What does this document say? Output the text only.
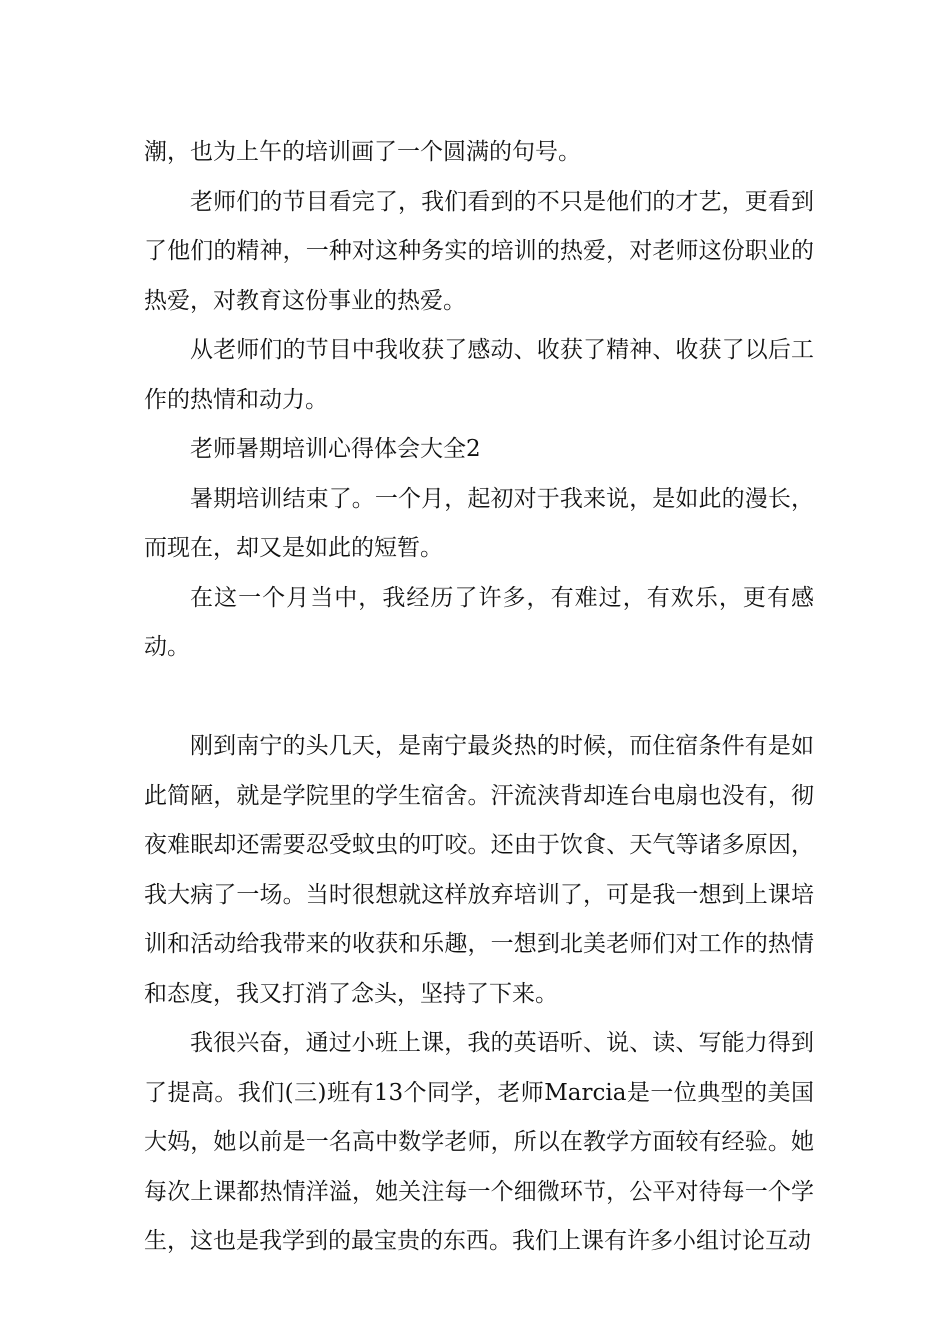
潮，也为上午的培训画了一个圆满的句号。

老师们的节目看完了，我们看到的不只是他们的才艺，更看到了他们的精神，一种对这种务实的培训的热爱，对老师这份职业的热爱，对教育这份事业的热爱。

从老师们的节目中我收获了感动、收获了精神、收获了以后工作的热情和动力。

老师暑期培训心得体会大全2

暑期培训结束了。一个月，起初对于我来说，是如此的漫长，而现在，却又是如此的短暂。

在这一个月当中，我经历了许多，有难过，有欢乐，更有感动。

刚到南宁的头几天，是南宁最炎热的时候，而住宿条件有是如此简陋，就是学院里的学生宿舍。汗流浃背却连台电扇也没有，彻夜难眠却还需要忍受蚊虫的叮咬。还由于饮食、天气等诸多原因，我大病了一场。当时很想就这样放弃培训了，可是我一想到上课培训和活动给我带来的收获和乐趣，一想到北美老师们对工作的热情和态度，我又打消了念头，坚持了下来。

我很兴奋，通过小班上课，我的英语听、说、读、写能力得到了提高。我们(三)班有13个同学，老师Marcia是一位典型的美国大妈，她以前是一名高中数学老师，所以在教学方面较有经验。她每次上课都热情洋溢，她关注每一个细微环节，公平对待每一个学生，这也是我学到的最宝贵的东西。我们上课有许多小组讨论互动
